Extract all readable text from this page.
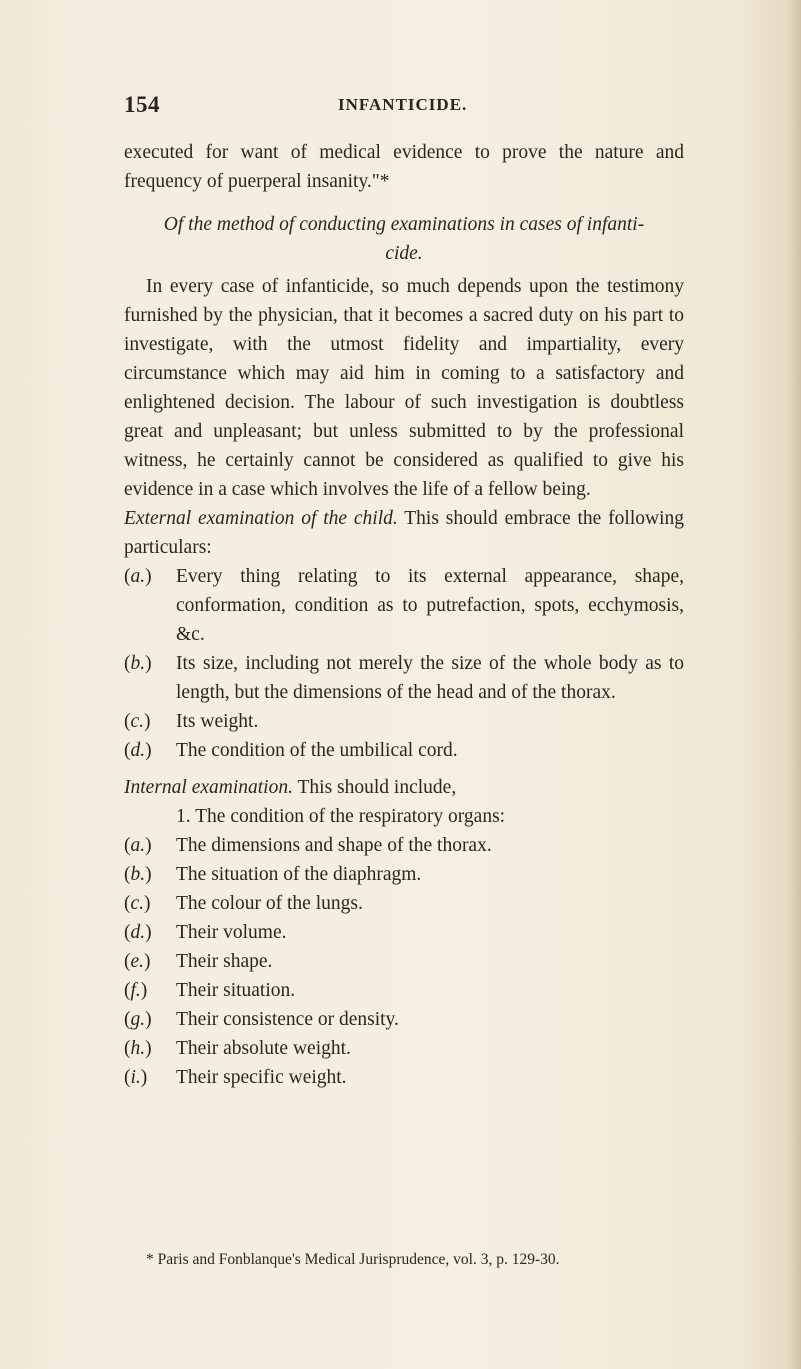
154	INFANTICIDE.

executed for want of medical evidence to prove the nature and frequency of puerperal insanity."*

Of the method of conducting examinations in cases of infanti-
cide.

In every case of infanticide, so much depends upon the testimony furnished by the physician, that it becomes a sacred duty on his part to investigate, with the utmost fidelity and impartiality, every circumstance which may aid him in coming to a satisfactory and enlightened decision. The labour of such investigation is doubtless great and unpleasant; but unless submitted to by the professional witness, he certainly cannot be considered as qualified to give his evidence in a case which involves the life of a fellow being.

External examination of the child. This should embrace the following particulars:

(a.) Every thing relating to its external appearance, shape, conformation, condition as to putrefaction, spots, ecchymosis, &c.

(b.) Its size, including not merely the size of the whole body as to length, but the dimensions of the head and of the thorax.

(c.) Its weight.

(d.) The condition of the umbilical cord.

Internal examination. This should include,

1. The condition of the respiratory organs:

(a.) The dimensions and shape of the thorax.

(b.) The situation of the diaphragm.

(c.) The colour of the lungs.

(d.) Their volume.

(e.) Their shape.

(f.) Their situation.

(g.) Their consistence or density.

(h.) Their absolute weight.

(i.) Their specific weight.

* Paris and Fonblanque's Medical Jurisprudence, vol. 3, p. 129-30.
